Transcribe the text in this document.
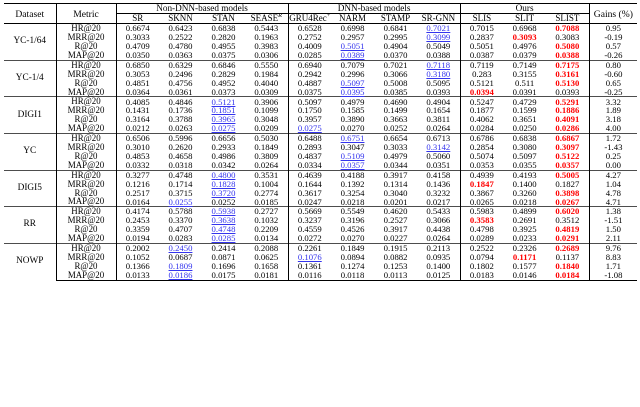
Dataset	Metric	Non-DNN-based models				DNN-based models				Ours			Gains (%)
		SR	SKNN	STAN	$SEASE^R$	GRU4Rec+	NARM	STAMP	SR-GNN	SLIS	SLIT	SLIST	
YC-1/64	HR@20	0.6674	0.6423	0.6838	0.5443	0.6528	0.6998	0.6841	0.7021	0.7015	0.6968	0.7088	0.95
	MRR@20	0.3033	0.2522	0.2820	0.1963	0.2752	0.2957	0.2995	0.3099	0.2837	0.3093	0.3083	-0.19
	R@20	0.4709	0.4780	0.4955	0.3983	0.4009	0.5051	0.4904	0.5049	0.5051	0.4976	0.5080	0.57
	MAP@20	0.0350	0.0363	0.0375	0.0306	0.0285	0.0389	0.0370	0.0388	0.0387	0.0379	0.0388	-0.26
YC-1/4	HR@20	0.6850	0.6329	0.6846	0.5550	0.6940	0.7079	0.7021	0.7118	0.7119	0.7149	0.7175	0.80
	MRR@20	0.3053	0.2496	0.2829	0.1984	0.2942	0.2996	0.3066	0.3180	0.283	0.3155	0.3161	-0.60
	R@20	0.4851	0.4756	0.4952	0.4040	0.4887	0.5097	0.5008	0.5095	0.5121	0.511	0.5130	0.65
	MAP@20	0.0364	0.0361	0.0373	0.0309	0.0375	0.0395	0.0385	0.0393	0.0394	0.0391	0.0393	-0.25
DIGI1	HR@20	0.4085	0.4846	0.5121	0.3906	0.5097	0.4979	0.4690	0.4904	0.5247	0.4729	0.5291	3.32
	MRR@20	0.1431	0.1736	0.1851	0.1099	0.1750	0.1585	0.1499	0.1654	0.1877	0.1599	0.1886	1.89
	R@20	0.3164	0.3788	0.3965	0.3048	0.3957	0.3890	0.3663	0.3811	0.4062	0.3651	0.4091	3.18
	MAP@20	0.0212	0.0263	0.0275	0.0209	0.0275	0.0270	0.0252	0.0264	0.0284	0.0250	0.0286	4.00
YC	HR@20	0.6506	0.5996	0.6656	0.5030	0.6488	0.6751	0.6654	0.6713	0.6786	0.6838	0.6867	1.72
	MRR@20	0.3010	0.2620	0.2933	0.1849	0.2893	0.3047	0.3033	0.3142	0.2854	0.3080	0.3097	-1.43
	R@20	0.4853	0.4658	0.4986	0.3809	0.4837	0.5109	0.4979	0.5060	0.5074	0.5097	0.5122	0.25
	MAP@20	0.0332	0.0318	0.0342	0.0264	0.0334	0.0357	0.0344	0.0351	0.0353	0.0355	0.0357	0.00
DIGI5	HR@20	0.3277	0.4748	0.4800	0.3531	0.4639	0.4188	0.3917	0.4158	0.4939	0.4193	0.5005	4.27
	MRR@20	0.1216	0.1714	0.1828	0.1004	0.1644	0.1392	0.1314	0.1436	0.1847	0.1400	0.1827	1.04
	R@20	0.2517	0.3715	0.3720	0.2774	0.3617	0.3254	0.3040	0.3232	0.3867	0.3260	0.3898	4.78
	MAP@20	0.0164	0.0255	0.0252	0.0185	0.0247	0.0218	0.0201	0.0217	0.0265	0.0218	0.0267	4.71
RR	HR@20	0.4174	0.5788	0.5938	0.2727	0.5669	0.5549	0.4620	0.5433	0.5983	0.4899	0.6020	1.38
	MRR@20	0.2453	0.3370	0.3638	0.1032	0.3237	0.3196	0.2527	0.3066	0.3583	0.2691	0.3512	-1.51
	R@20	0.3359	0.4707	0.4748	0.2209	0.4559	0.4526	0.3917	0.4438	0.4798	0.3925	0.4819	1.50
	MAP@20	0.0194	0.0283	0.0285	0.0134	0.0272	0.0270	0.0227	0.0264	0.0289	0.0233	0.0291	2.11
NOWP	HR@20	0.2002	0.2450	0.2414	0.2088	0.2261	0.1849	0.1915	0.2113	0.2522	0.2326	0.2689	9.76
	MRR@20	0.1052	0.0687	0.0871	0.0625	0.1076	0.0894	0.0882	0.0935	0.0794	0.1171	0.1137	8.83
	R@20	0.1366	0.1809	0.1696	0.1658	0.1361	0.1274	0.1253	0.1400	0.1802	0.1577	0.1840	1.71
	MAP@20	0.0133	0.0186	0.0175	0.0181	0.0116	0.0118	0.0113	0.0125	0.0183	0.0146	0.0184	-1.08
